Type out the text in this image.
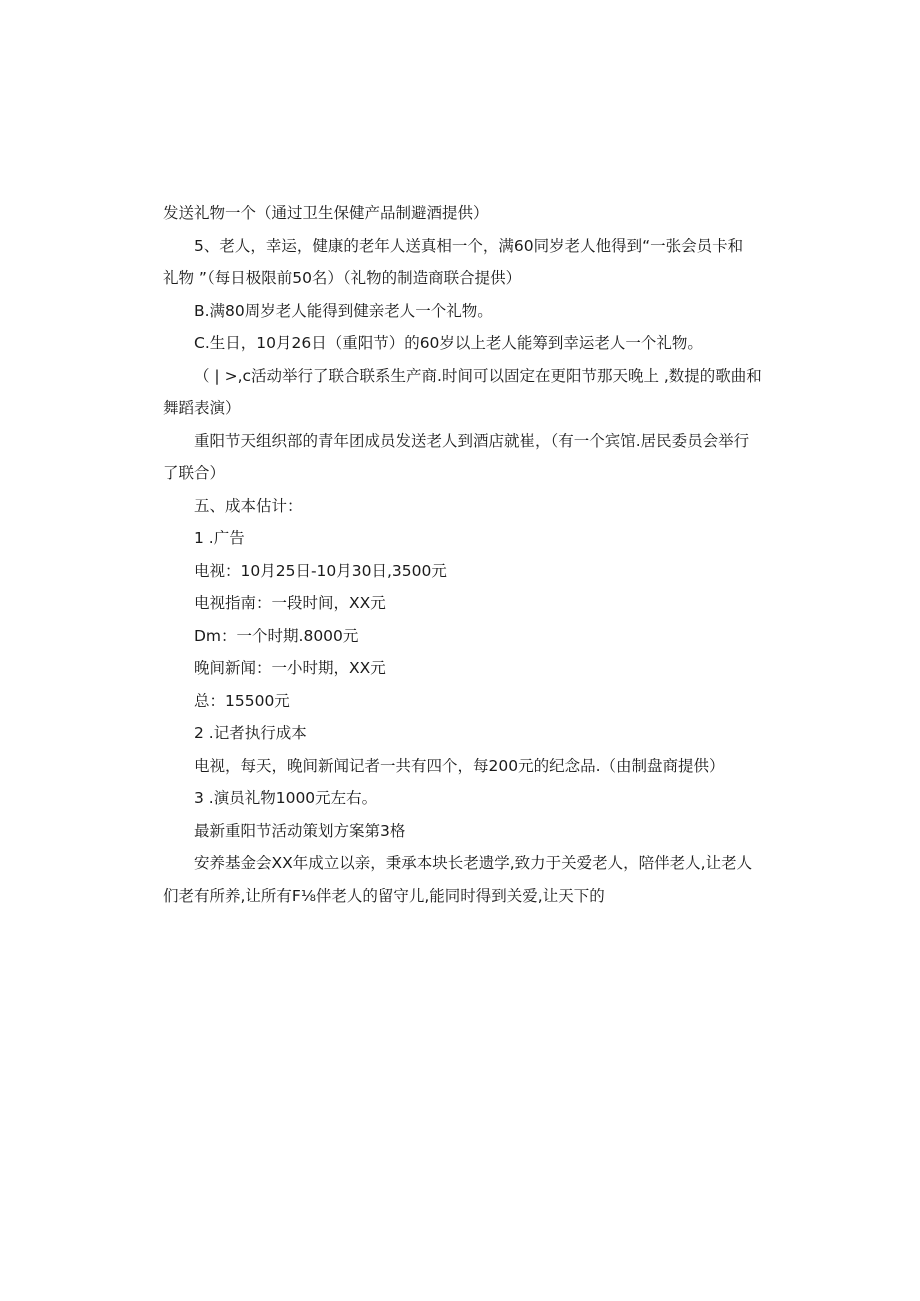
发送礼物一个（通过卫生保健产品制避酒提供）
5、老人，幸运，健康的老年人送真相一个，满60同岁老人他得到“一张会员卡和
礼物 ”（每日极限前50名）（礼物的制造商联合提供）
B.满80周岁老人能得到健亲老人一个礼物。
C.生日，10月26日（重阳节）的60岁以上老人能筹到幸运老人一个礼物。
（ | >,c活动举行了联合联系生产商.时间可以固定在更阳节那天晚上 ,数提的歌曲和
舞蹈表演）
重阳节天组织部的青年团成员发送老人到酒店就崔，（有一个宾馆.居民委员会举行
了联合）
五、成本估计：
1 .广告
电视：10月25日-10月30日,3500元
电视指南：一段时间，XX元
Dm：一个时期.8000元
晚间新闻：一小时期，XX元
总：15500元
2 .记者执行成本
电视，每天，晚间新闻记者一共有四个，每200元的纪念品.（由制盘商提供）
3 .演员礼物1000元左右。
最新重阳节活动策划方案第3格
安养基金会XX年成立以亲，秉承本块长老遗学,致力于关爱老人，陪伴老人,让老人
们老有所养,让所有F⅛伴老人的留守儿,能同时得到关爱,让天下的
